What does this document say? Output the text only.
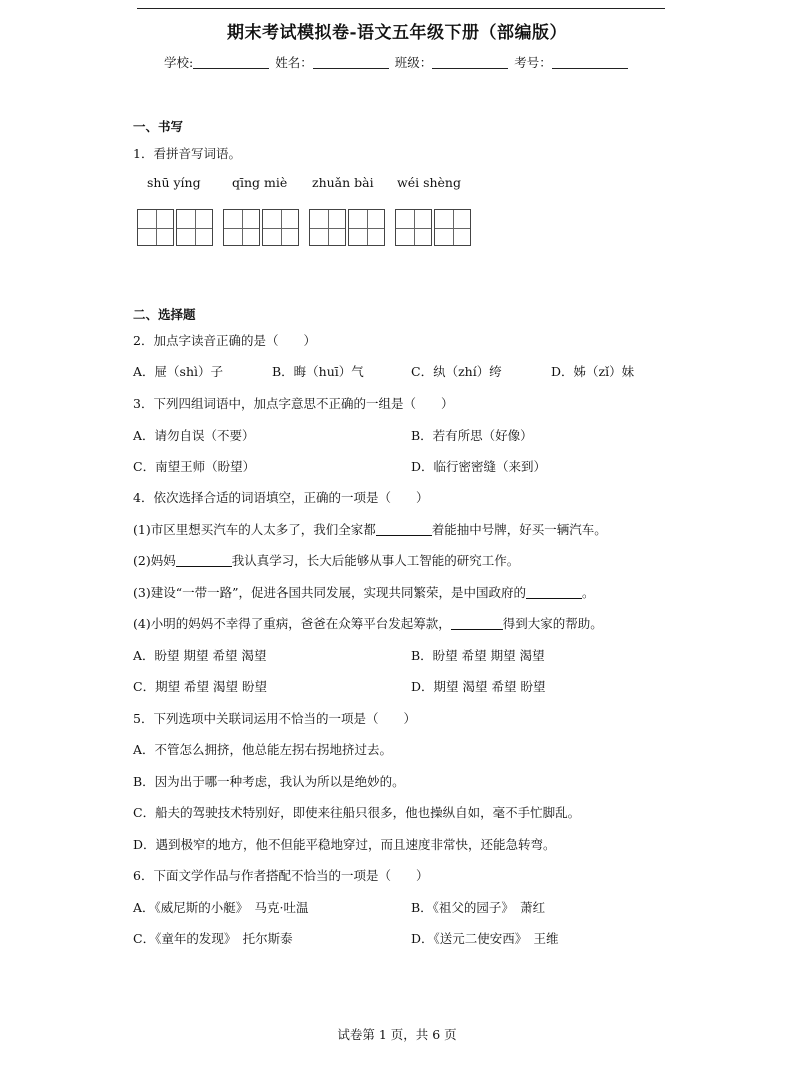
期末考试模拟卷-语文五年级下册（部编版）
学校:	姓名：	班级：	考号：
一、书写
1．看拼音写词语。
shū yíng	qīng miè zhuǎn bài wéi shèng
二、选择题
2．加点字读音正确的是（　　）
A．屉（shì）子	B．晦（huī）气	C．纨（zhí）绔	D．姊（zǐ）妹
3．下列四组词语中，加点字意思不正确的一组是（　　）
A．请勿自误（不要）	B．若有所思（好像）
C．南望王师（盼望）	D．临行密密缝（来到）
4．依次选择合适的词语填空，正确的一项是（　　）
(1)市区里想买汽车的人太多了，我们全家都	着能抽中号牌，好买一辆汽车。
(2)妈妈	我认真学习，长大后能够从事人工智能的研究工作。
(3)建设“一带一路”，促进各国共同发展，实现共同繁荣，是中国政府的	。
(4)小明的妈妈不幸得了重病，爸爸在众筹平台发起筹款，	得到大家的帮助。
A．盼望 期望 希望 渴望	B．盼望 希望 期望 渴望
C．期望 希望 渴望 盼望	D．期望 渴望 希望 盼望
5．下列选项中关联词运用不恰当的一项是（　　）
A．不管怎么拥挤，他总能左拐右拐地挤过去。
B．因为出于哪一种考虑，我认为所以是绝妙的。
C．船夫的驾驶技术特别好，即使来往船只很多，他也操纵自如，毫不手忙脚乱。
D．遇到极窄的地方，他不但能平稳地穿过，而且速度非常快，还能急转弯。
6．下面文学作品与作者搭配不恰当的一项是（　　）
A．《威尼斯的小艇》　马克·吐温	B．《祖父的园子》　萧红
C．《童年的发现》　托尔斯泰	D．《送元二使安西》　王维
试卷第 1 页，共 6 页
